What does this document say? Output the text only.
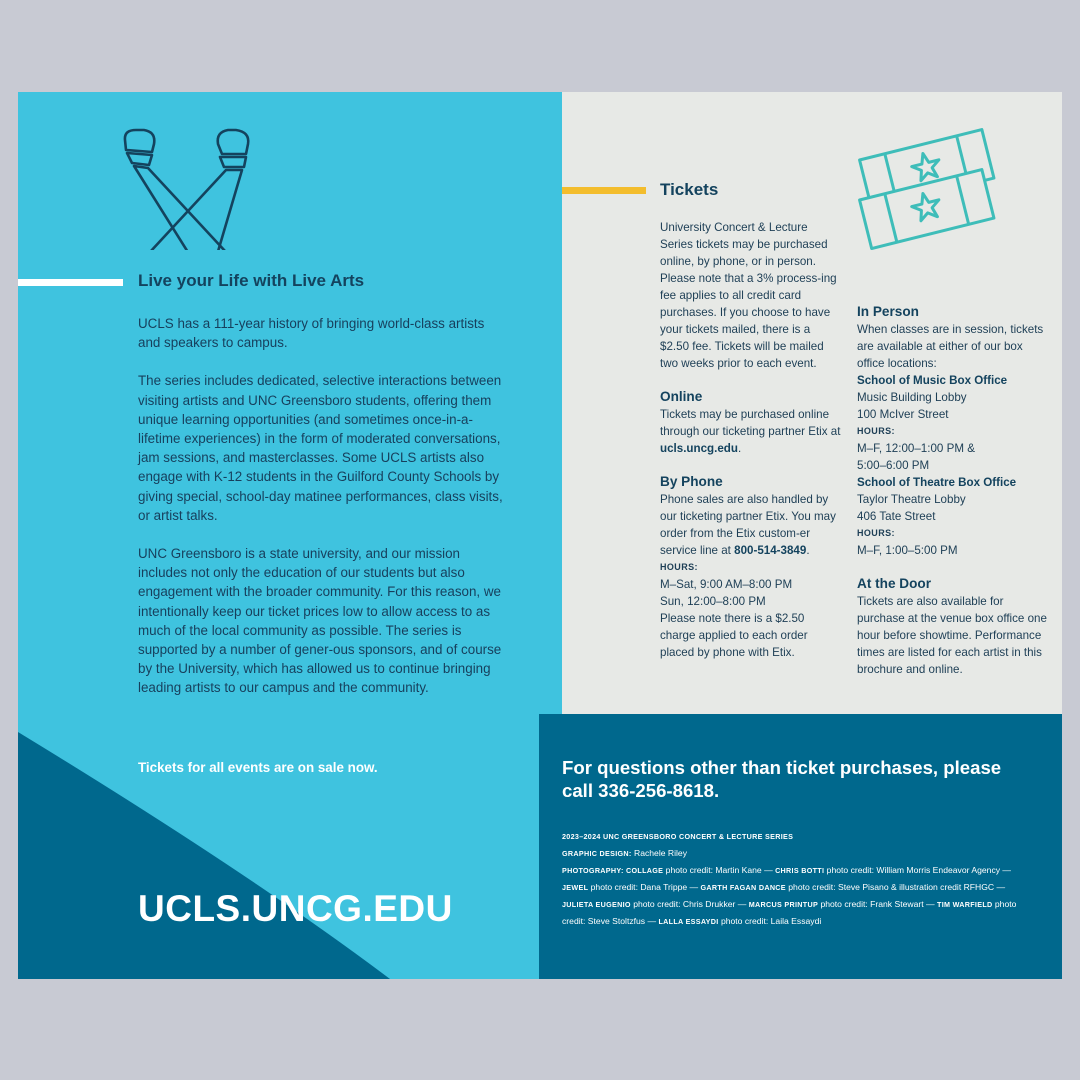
Live your Life with Live Arts

UCLS has a 111-year history of bringing world-class artists and speakers to campus.

The series includes dedicated, selective interactions between visiting artists and UNC Greensboro students, offering them unique learning opportunities (and sometimes once-in-a-lifetime experiences) in the form of moderated conversations, jam sessions, and masterclasses. Some UCLS artists also engage with K-12 students in the Guilford County Schools by giving special, school-day matinee performances, class visits, or artist talks.

UNC Greensboro is a state university, and our mission includes not only the education of our students but also engagement with the broader community. For this reason, we intentionally keep our ticket prices low to allow access to as much of the local community as possible. The series is supported by a number of gener-ous sponsors, and of course by the University, which has allowed us to continue bringing leading artists to our campus and the community.

Tickets for all events are on sale now.
UCLS.UNCG.EDU
Tickets

University Concert & Lecture Series tickets may be purchased online, by phone, or in person. Please note that a 3% process-ing fee applies to all credit card purchases. If you choose to have your tickets mailed, there is a $2.50 fee. Tickets will be mailed two weeks prior to each event.

Online

Tickets may be purchased online through our ticketing partner Etix at ucls.uncg.edu.

By Phone

Phone sales are also handled by our ticketing partner Etix. You may order from the Etix custom-er service line at 800-514-3849.

HOURS:

M–Sat, 9:00 AM–8:00 PM

Sun, 12:00–8:00 PM

Please note there is a $2.50 charge applied to each order placed by phone with Etix.

In Person

When classes are in session, tickets are available at either of our box office locations:

School of Music Box Office

Music Building Lobby

100 McIver Street

HOURS:

M–F, 12:00–1:00 PM &

5:00–6:00 PM

School of Theatre Box Office

Taylor Theatre Lobby

406 Tate Street

HOURS:

M–F, 1:00–5:00 PM

At the Door

Tickets are also available for purchase at the venue box office one hour before showtime. Performance times are listed for each artist in this brochure and online.

For questions other than ticket purchases, please call 336-256-8618.

2023–2024 UNC GREENSBORO CONCERT & LECTURE SERIES

GRAPHIC DESIGN: Rachele Riley

PHOTOGRAPHY: COLLAGE photo credit: Martin Kane — CHRIS BOTTI photo credit: William Morris Endeavor Agency — JEWEL photo credit: Dana Trippe — GARTH FAGAN DANCE photo credit: Steve Pisano & illustration credit RFHGC — JULIETA EUGENIO photo credit: Chris Drukker — MARCUS PRINTUP photo credit: Frank Stewart — TIM WARFIELD photo credit: Steve Stoltzfus — LALLA ESSAYDI photo credit: Laila Essaydi
